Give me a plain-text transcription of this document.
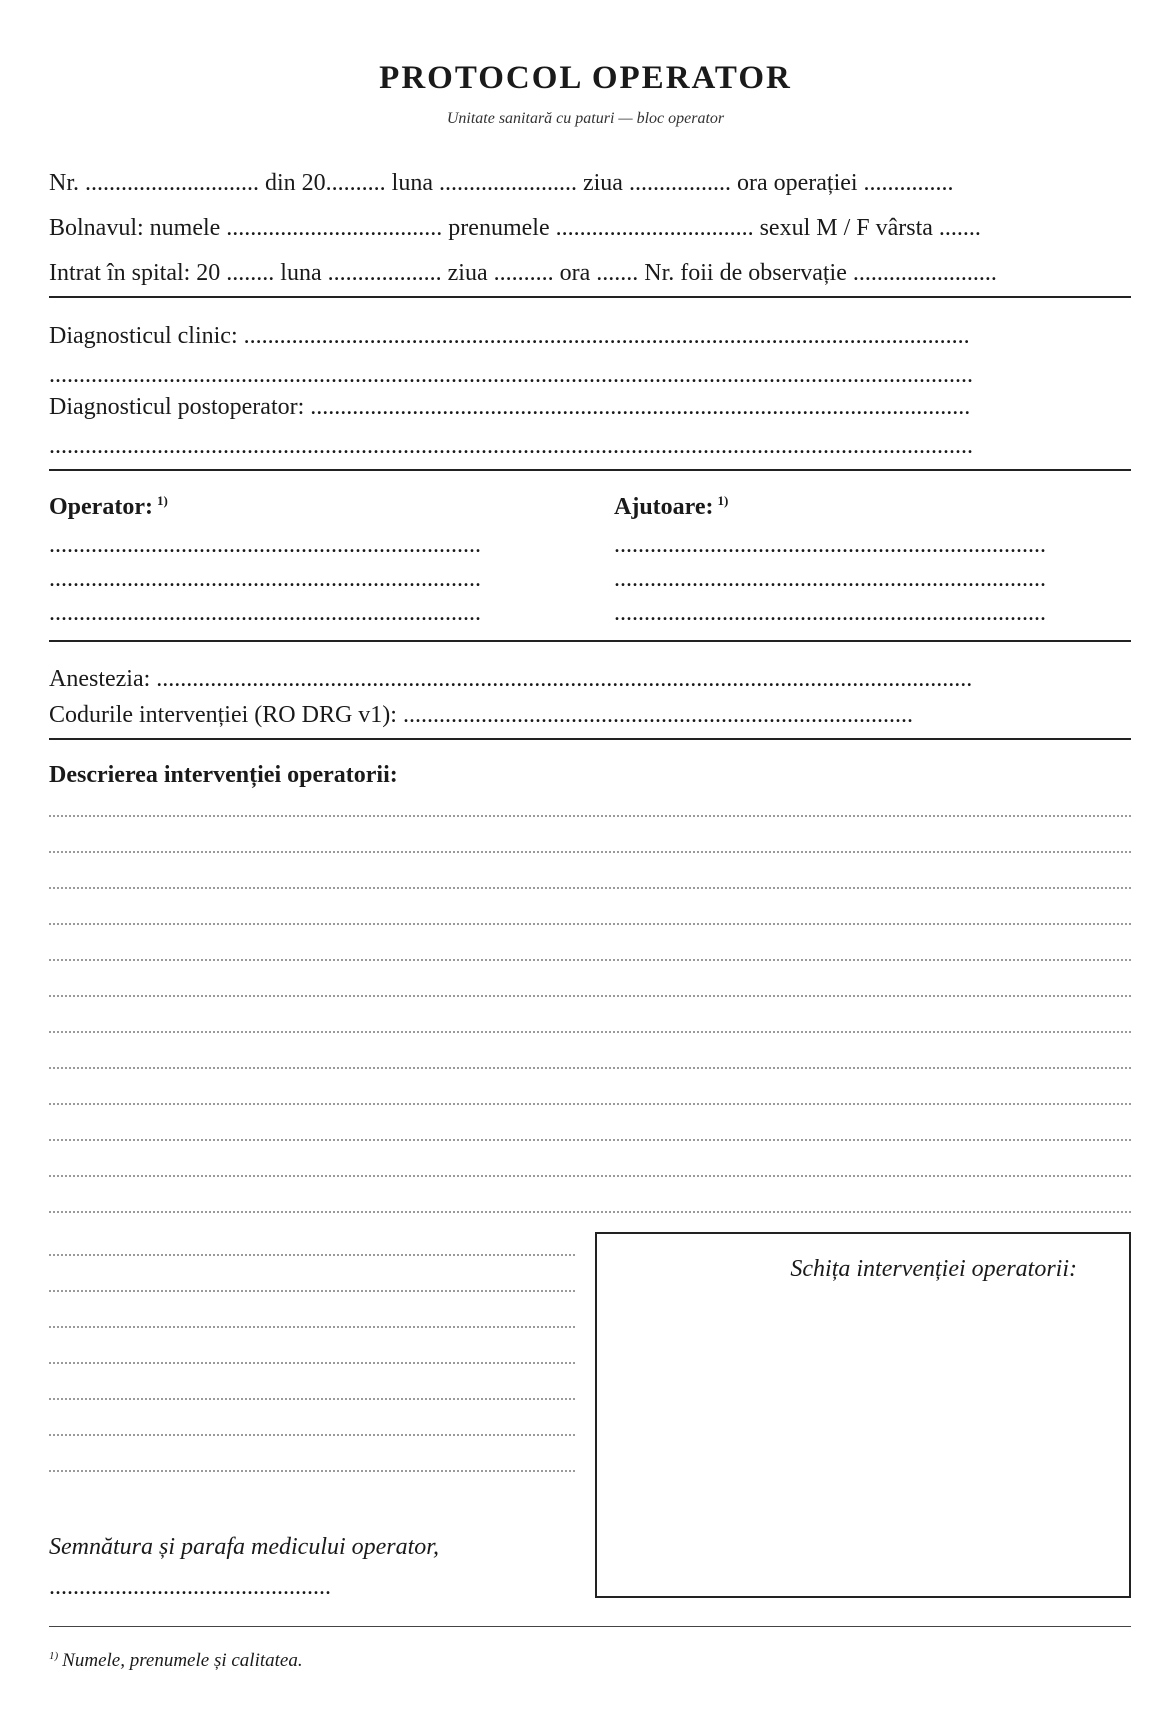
PROTOCOL OPERATOR
Unitate sanitară cu paturi — bloc operator
Nr. ............................. din 20.......... luna ....................... ziua ................. ora operației ...............
Bolnavul: numele .................................... prenumele ................................. sexul M / F vârsta .......
Intrat în spital: 20 ........ luna ................... ziua .......... ora ....... Nr. foii de observație ........................
Diagnosticul clinic: .........................................................................................................................
..........................................................................................................................................................
Diagnosticul postoperator: ..............................................................................................................
..........................................................................................................................................................
Operator: $^{1)}$	Ajutoare: $^{1)}$
........................................................................
........................................................................
........................................................................
........................................................................
........................................................................
........................................................................
Anestezia: ........................................................................................................................................
Codurile intervenției (RO DRG v1): .....................................................................................
Descrierea intervenției operatorii:
Schița intervenției operatorii:
Semnătura și parafa medicului operator,
...............................................
$^{1)}$ Numele, prenumele și calitatea.
